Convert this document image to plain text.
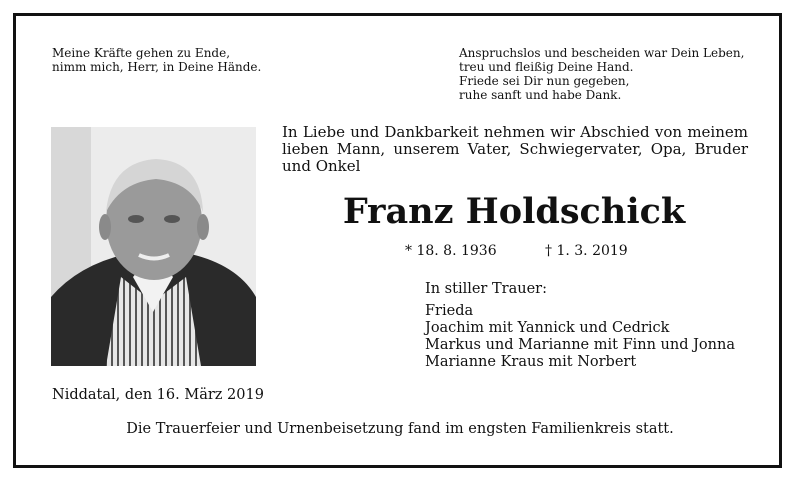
Meine Kräfte gehen zu Ende,
nimm mich, Herr, in Deine Hände.
Anspruchslos und bescheiden war Dein Leben,
treu und fleißig Deine Hand.
Friede sei Dir nun gegeben,
ruhe sanft und habe Dank.
In Liebe und Dankbarkeit nehmen wir Abschied von meinem lieben Mann, unserem Vater, Schwiegervater, Opa, Bruder und Onkel
Franz Holdschick
* 18. 8. 1936	† 1. 3. 2019
In stiller Trauer:
Frieda
Joachim mit Yannick und Cedrick
Markus und Marianne mit Finn und Jonna
Marianne Kraus mit Norbert
Niddatal, den 16. März 2019
Die Trauerfeier und Urnenbeisetzung fand im engsten Familienkreis statt.
